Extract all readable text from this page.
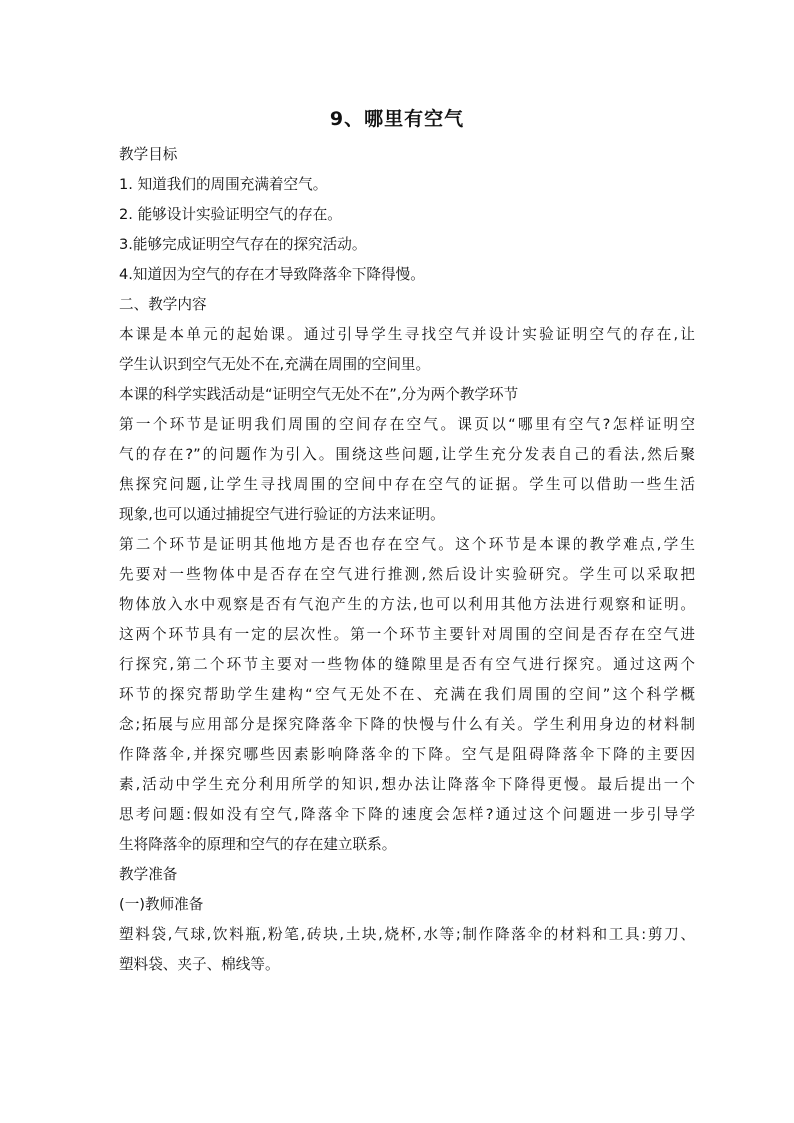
9、哪里有空气
教学目标
1. 知道我们的周围充满着空气。
2. 能够设计实验证明空气的存在。
3.能够完成证明空气存在的探究活动。
4.知道因为空气的存在才导致降落伞下降得慢。
二、教学内容
本课是本单元的起始课。通过引导学生寻找空气并设计实验证明空气的存在,让
学生认识到空气无处不在,充满在周围的空间里。
本课的科学实践活动是“证明空气无处不在”,分为两个教学环节
第一个环节是证明我们周围的空间存在空气。课页以“哪里有空气?怎样证明空
气的存在?”的问题作为引入。围绕这些问题,让学生充分发表自己的看法,然后聚
焦探究问题,让学生寻找周围的空间中存在空气的证据。学生可以借助一些生活
现象,也可以通过捕捉空气进行验证的方法来证明。
第二个环节是证明其他地方是否也存在空气。这个环节是本课的教学难点,学生
先要对一些物体中是否存在空气进行推测,然后设计实验研究。学生可以采取把
物体放入水中观察是否有气泡产生的方法,也可以利用其他方法进行观察和证明。
这两个环节具有一定的层次性。第一个环节主要针对周围的空间是否存在空气进
行探究,第二个环节主要对一些物体的缝隙里是否有空气进行探究。通过这两个
环节的探究帮助学生建构“空气无处不在、充满在我们周围的空间”这个科学概
念;拓展与应用部分是探究降落伞下降的快慢与什么有关。学生利用身边的材料制
作降落伞,并探究哪些因素影响降落伞的下降。空气是阻碍降落伞下降的主要因
素,活动中学生充分利用所学的知识,想办法让降落伞下降得更慢。最后提出一个
思考问题:假如没有空气,降落伞下降的速度会怎样?通过这个问题进一步引导学
生将降落伞的原理和空气的存在建立联系。
教学准备
(一)教师准备
塑料袋,气球,饮料瓶,粉笔,砖块,土块,烧杯,水等;制作降落伞的材料和工具:剪刀、
塑料袋、夹子、棉线等。
